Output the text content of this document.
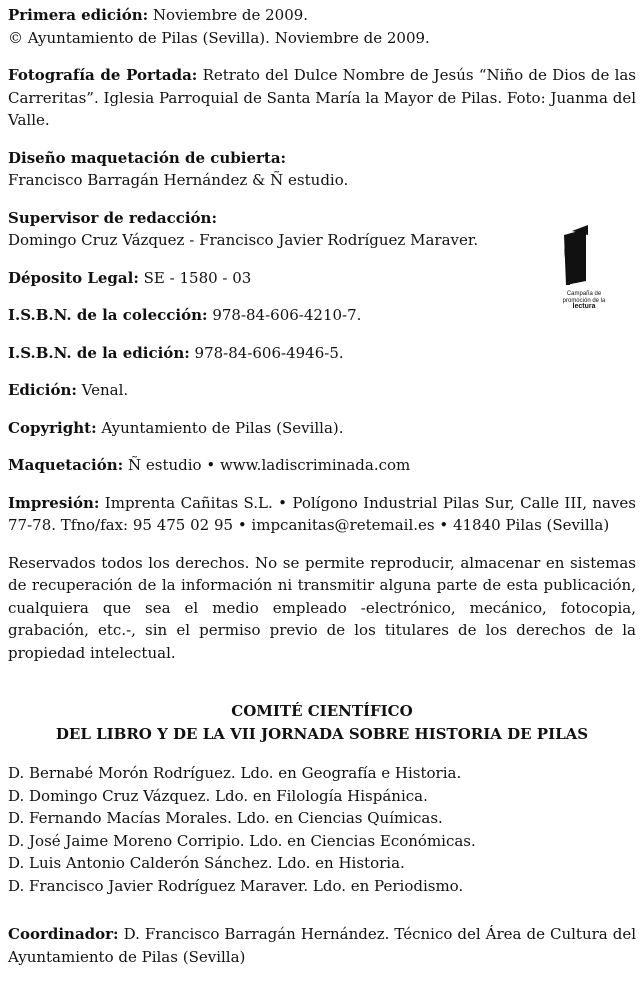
Primera edición: Noviembre de 2009.
© Ayuntamiento de Pilas (Sevilla). Noviembre de 2009.
Fotografía de Portada: Retrato del Dulce Nombre de Jesús “Niño de Dios de las Carreritas”. Iglesia Parroquial de Santa María la Mayor de Pilas. Foto: Juanma del Valle.
Diseño maquetación de cubierta:
Francisco Barragán Hernández & Ñ estudio.
Supervisor de redacción:
Domingo Cruz Vázquez - Francisco Javier Rodríguez Maraver.
Déposito Legal: SE - 1580 - 03
I.S.B.N. de la colección: 978-84-606-4210-7.
I.S.B.N. de la edición: 978-84-606-4946-5.
Edición: Venal.
Copyright: Ayuntamiento de Pilas (Sevilla).
Maquetación: Ñ estudio • www.ladiscriminada.com
Impresión: Imprenta Cañitas S.L. • Polígono Industrial Pilas Sur, Calle III, naves 77-78. Tfno/fax: 95 475 02 95 • impcanitas@retemail.es • 41840 Pilas (Sevilla)
Reservados todos los derechos. No se permite reproducir, almacenar en sistemas de recuperación de la información ni transmitir alguna parte de esta publicación, cualquiera que sea el medio empleado -electrónico, mecánico, fotocopia, grabación, etc.-, sin el permiso previo de los titulares de los derechos de la propiedad intelectual.
COMITÉ CIENTÍFICO
DEL LIBRO Y DE LA VII JORNADA SOBRE HISTORIA DE PILAS
D. Bernabé Morón Rodríguez. Ldo. en Geografía e Historia.
D. Domingo Cruz Vázquez. Ldo. en Filología Hispánica.
D. Fernando Macías Morales. Ldo. en Ciencias Químicas.
D. José Jaime Moreno Corripio. Ldo. en Ciencias Económicas.
D. Luis Antonio Calderón Sánchez. Ldo. en Historia.
D. Francisco Javier Rodríguez Maraver. Ldo. en Periodismo.
Coordinador: D. Francisco Barragán Hernández. Técnico del Área de Cultura del Ayuntamiento de Pilas (Sevilla)
Campaña de
promoción de la
lectura
